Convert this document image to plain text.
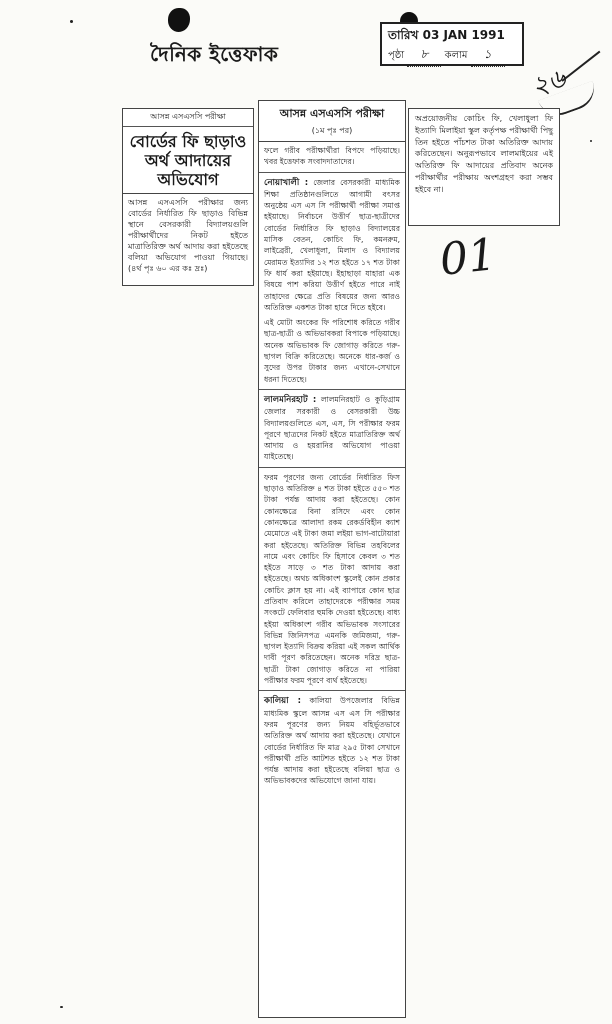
দৈনিক ইত্তেফাক
তারিখ 03 JAN 1991
পৃষ্ঠা ৮ কলাম ১
২৬
01
আসন্ন এসএসসি পরীক্ষা
বোর্ডের ফি ছাড়াও অর্থ আদায়ের অভিযোগ
আসন্ন এসএসসি পরীক্ষার জন্য বোর্ডের নির্ধারিত ফি ছাড়াও বিভিন্ন স্থানে বেসরকারী বিদ্যালয়গুলি পরীক্ষার্থীদের নিকট হইতে মাত্রাতিরিক্ত অর্থ আদায় করা হইতেছে বলিয়া অভিযোগ পাওয়া গিয়াছে। (৪র্থ পৃঃ ৬০ এর কঃ দ্রঃ)
আসন্ন এসএসসি পরীক্ষা
(১ম পৃঃ পর)

ফলে গরীব পরীক্ষার্থীরা বিপদে পড়িয়াছে। খবর ইত্তেফাক সংবাদদাতাদের।

নোয়াখালী : জেলার বেসরকারী মাধ্যমিক শিক্ষা প্রতিষ্ঠানগুলিতে আগামী বৎসর অনুষ্ঠেয় এস এস সি পরীক্ষার্থী পরীক্ষা সমাপ্ত হইয়াছে। নির্বাচনে উত্তীর্ণ ছাত্র-ছাত্রীদের বোর্ডের নির্ধারিত ফি ছাড়াও বিদ্যালয়ের মাসিক বেতন, কোচিং ফি, কমনরুম, লাইব্রেরী, খেলাধুলা, মিলাদ ও বিদ্যালয় মেরামত ইত্যাদির ১২ শত হইতে ১৭ শত টাকা ফি ধার্য করা হইয়াছে। ইহাছাড়া যাহারা এক বিষয়ে পাশ করিয়া উত্তীর্ণ হইতে পারে নাই তাহাদের ক্ষেত্রে প্রতি বিষয়ের জন্য আরও অতিরিক্ত একশত টাকা হারে দিতে হইবে।

এই মোটা অংকের ফি পরিশোধ করিতে গরীব ছাত্র-ছাত্রী ও অভিভাবকরা বিপাকে পড়িয়াছে। অনেক অভিভাবক ফি জোগাড় করিতে গরু-ছাগল বিক্রি করিতেছে। অনেকে ধার-কর্জ ও সুদের উপর টাকার জন্য এখানে-সেখানে ধরনা দিতেছে।

লালমনিরহাট : লালমনিরহাট ও কুড়িগ্রাম জেলার সরকারী ও বেসরকারী উচ্চ বিদ্যালয়গুলিতে এস, এস, সি পরীক্ষার ফরম পূরণে ছাত্রদের নিকট হইতে মাত্রাতিরিক্ত অর্থ আদায় ও হয়রানির অভিযোগ পাওয়া যাইতেছে।

ফরম পূরণের জন্য বোর্ডের নির্ধারিত ফিস ছাড়াও অতিরিক্ত ৪ শত টাকা হইতে ৫৫০ শত টাকা পর্যন্ত আদায় করা হইতেছে। কোন কোনক্ষেত্রে বিনা রসিদে এবং কোন কোনক্ষেত্রে আলাদা রকম রেকর্ডবিহীন ক্যাশ মেমোতে এই টাকা জমা লইয়া ভাগ-বাটোয়ারা করা হইতেছে। অতিরিক্ত বিভিন্ন তহবিলের নামে এবং কোচিং ফি হিসাবে কেবল ৩ শত হইতে সাড়ে ৩ শত টাকা আদায় করা হইতেছে। অথচ অধিকাংশ স্কুলেই কোন প্রকার কোচিং ক্লাস হয় না। এই ব্যাপারে কোন ছাত্র প্রতিবাদ করিলে তাহাদেরকে পরীক্ষার সময় সংকটে ফেলিবার হুমকি দেওয়া হইতেছে। বাধ্য হইয়া অধিকাংশ গরীব অভিভাবক সংসারের বিভিন্ন জিনিসপত্র এমনকি জমিজমা, গরু-ছাগল ইত্যাদি বিক্রয় করিয়া এই সকল আর্থিক দাবী পূরণ করিতেছেন। অনেক দরিদ্র ছাত্র-ছাত্রী টাকা জোগাড় করিতে না পারিয়া পরীক্ষার ফরম পূরণে ব্যর্থ হইতেছে।

কালিয়া : কালিয়া উপজেলার বিভিন্ন মাধ্যমিক স্কুলে আসন্ন এস এস সি পরীক্ষার ফরম পূরণের জন্য নিয়ম বহির্ভূতভাবে অতিরিক্ত অর্থ আদায় করা হইতেছে। যেখানে বোর্ডের নির্ধারিত ফি মাত্র ২৯৫ টাকা সেখানে পরীক্ষার্থী প্রতি আটশত হইতে ১২ শত টাকা পর্যন্ত আদায় করা হইতেছে বলিয়া ছাত্র ও অভিভাবকদের অভিযোগে জানা যায়।

অপ্রয়োজনীয় কোচিং ফি, খেলাধুলা ফি ইত্যাদি মিলাইয়া স্কুল কর্তৃপক্ষ পরীক্ষার্থী পিছু তিন হইতে পাঁচশত টাকা অতিরিক্ত আদায় করিতেছেন। অনুরূপভাবে লালমাইয়ের এই অতিরিক্ত ফি আদায়ের প্রতিবাদ অনেক পরীক্ষার্থীর পরীক্ষায় অংশগ্রহণ করা সম্ভব হইবে না।
